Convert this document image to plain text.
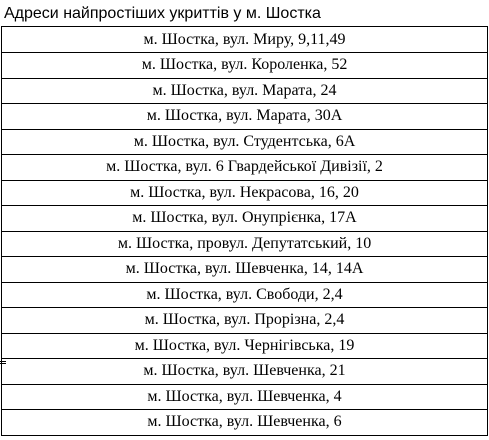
Адреси найпростіших укриттів у м. Шостка
м. Шостка, вул. Миру, 9,11,49
м. Шостка, вул. Короленка, 52
м. Шостка, вул. Марата, 24
м. Шостка, вул. Марата, 30А
м. Шостка, вул. Студентська, 6А
м. Шостка, вул. 6 Гвардейської Дивізії, 2
м. Шостка, вул. Некрасова, 16, 20
м. Шостка, вул. Онупрієнка, 17А
м. Шостка, провул. Депутатський, 10
м. Шостка, вул. Шевченка, 14, 14А
м. Шостка, вул. Свободи, 2,4
м. Шостка, вул. Прорізна, 2,4
м. Шостка, вул. Чернігівська, 19
м. Шостка, вул. Шевченка, 21
м. Шостка, вул. Шевченка, 4
м. Шостка, вул. Шевченка, 6
